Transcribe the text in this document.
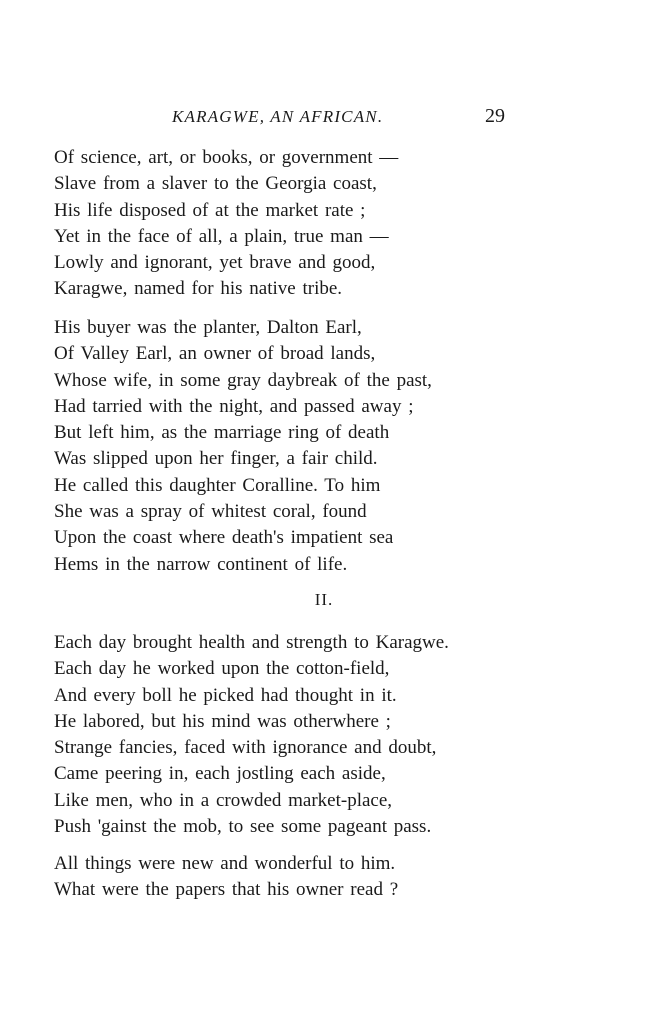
KARAGWE, AN AFRICAN.	29
Of science, art, or books, or government —
Slave from a slaver to the Georgia coast,
His life disposed of at the market rate ;
Yet in the face of all, a plain, true man —
Lowly and ignorant, yet brave and good,
Karagwe, named for his native tribe.
His buyer was the planter, Dalton Earl,
Of Valley Earl, an owner of broad lands,
Whose wife, in some gray daybreak of the past,
Had tarried with the night, and passed away ;
But left him, as the marriage ring of death
Was slipped upon her finger, a fair child.
He called this daughter Coralline. To him
She was a spray of whitest coral, found
Upon the coast where death's impatient sea
Hems in the narrow continent of life.
II.
Each day brought health and strength to Karagwe.
Each day he worked upon the cotton-field,
And every boll he picked had thought in it.
He labored, but his mind was otherwhere ;
Strange fancies, faced with ignorance and doubt,
Came peering in, each jostling each aside,
Like men, who in a crowded market-place,
Push 'gainst the mob, to see some pageant pass.
All things were new and wonderful to him.
What were the papers that his owner read ?
